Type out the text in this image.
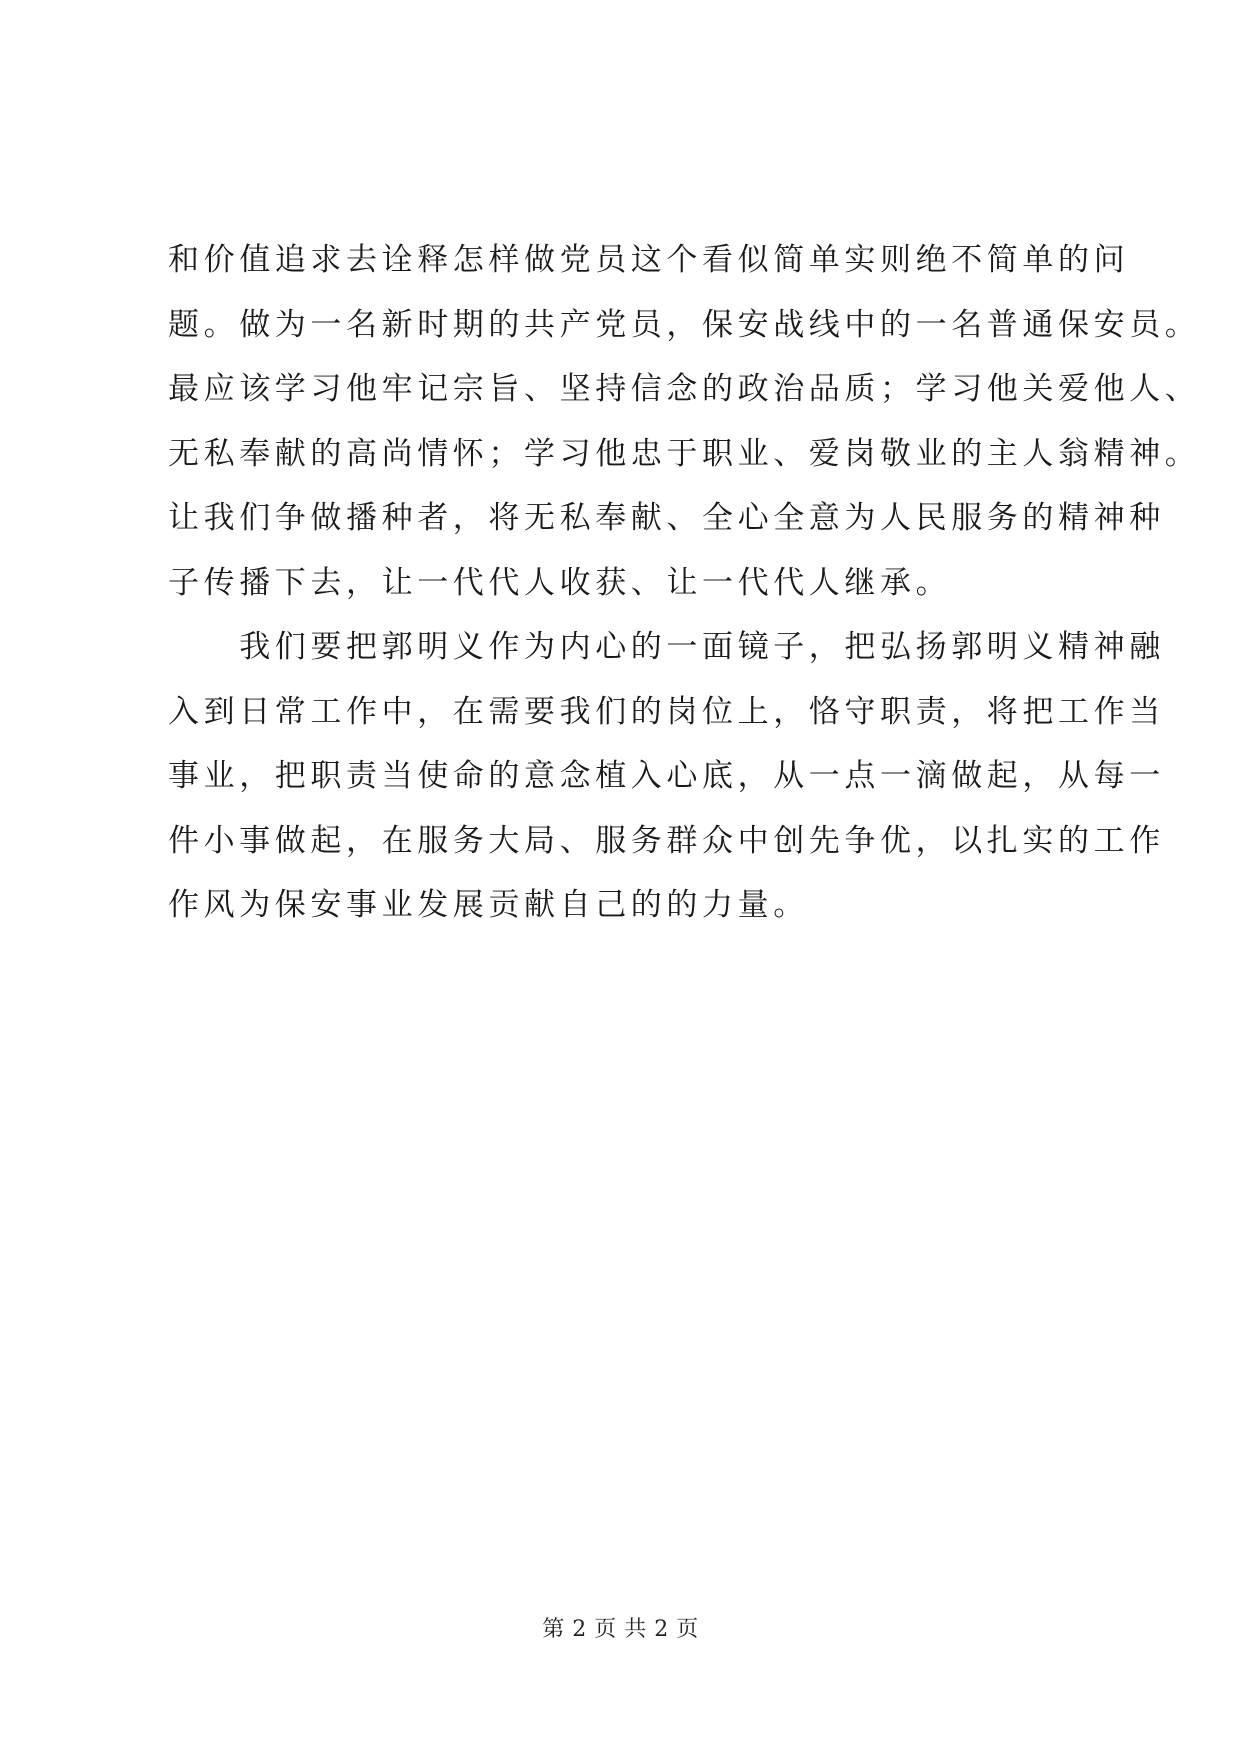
和价值追求去诠释怎样做党员这个看似简单实则绝不简单的问
题。做为一名新时期的共产党员，保安战线中的一名普通保安员。
最应该学习他牢记宗旨、坚持信念的政治品质；学习他关爱他人、
无私奉献的高尚情怀；学习他忠于职业、爱岗敬业的主人翁精神。
让我们争做播种者，将无私奉献、全心全意为人民服务的精神种
子传播下去，让一代代人收获、让一代代人继承。
　　我们要把郭明义作为内心的一面镜子，把弘扬郭明义精神融
入到日常工作中，在需要我们的岗位上，恪守职责，将把工作当
事业，把职责当使命的意念植入心底，从一点一滴做起，从每一
件小事做起，在服务大局、服务群众中创先争优，以扎实的工作
作风为保安事业发展贡献自己的的力量。
第 2 页 共 2 页
